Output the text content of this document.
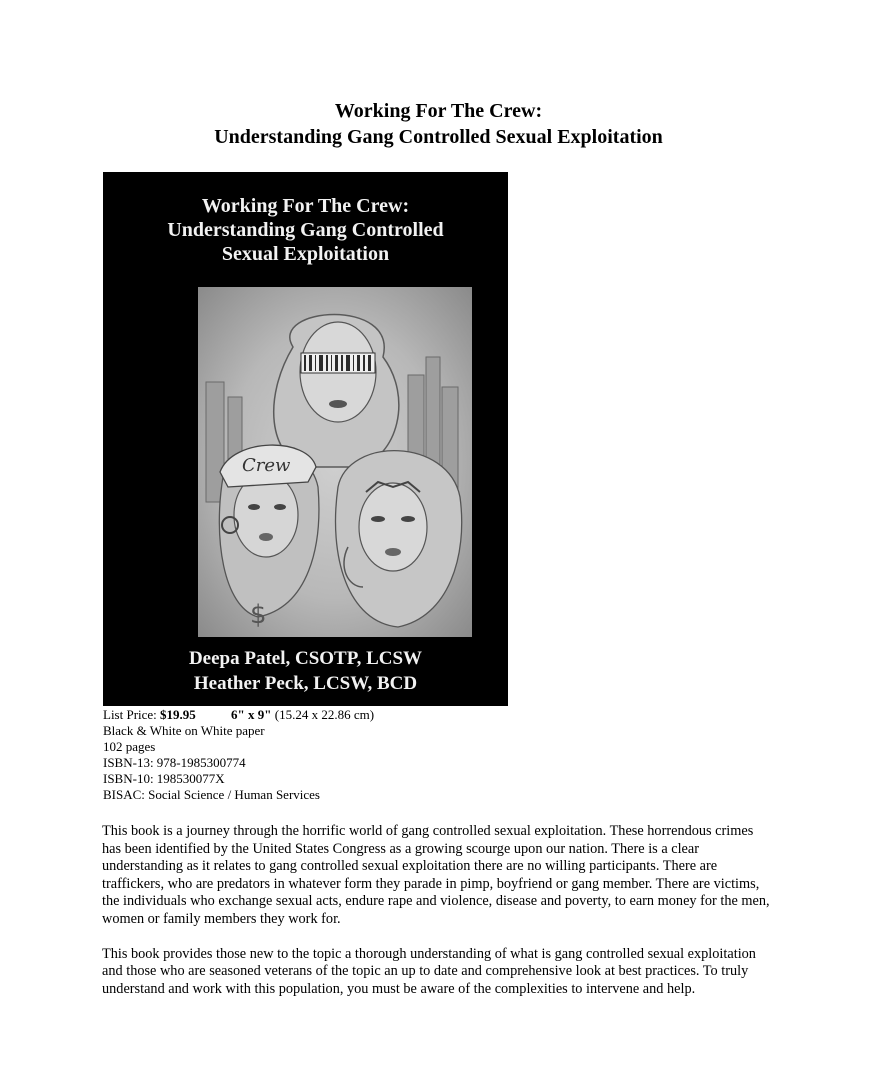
Working For The Crew:
Understanding Gang Controlled Sexual Exploitation
Working For The Crew:
Understanding Gang Controlled
Sexual Exploitation
Crew
$
Deepa Patel, CSOTP, LCSW
Heather Peck, LCSW, BCD
List Price: $19.95	6" x 9" (15.24 x 22.86 cm)
Black & White on White paper
102 pages
ISBN-13: 978-1985300774
ISBN-10: 198530077X
BISAC: Social Science / Human Services

This book is a journey through the horrific world of gang controlled sexual exploitation. These horrendous crimes has been identified by the United States Congress as a growing scourge upon our nation. There is a clear understanding as it relates to gang controlled sexual exploitation there are no willing participants. There are traffickers, who are predators in whatever form they parade in pimp, boyfriend or gang member. There are victims, the individuals who exchange sexual acts, endure rape and violence, disease and poverty, to earn money for the men, women or family members they work for.

This book provides those new to the topic a thorough understanding of what is gang controlled sexual exploitation and those who are seasoned veterans of the topic an up to date and comprehensive look at best practices. To truly understand and work with this population, you must be aware of the complexities to intervene and help.
